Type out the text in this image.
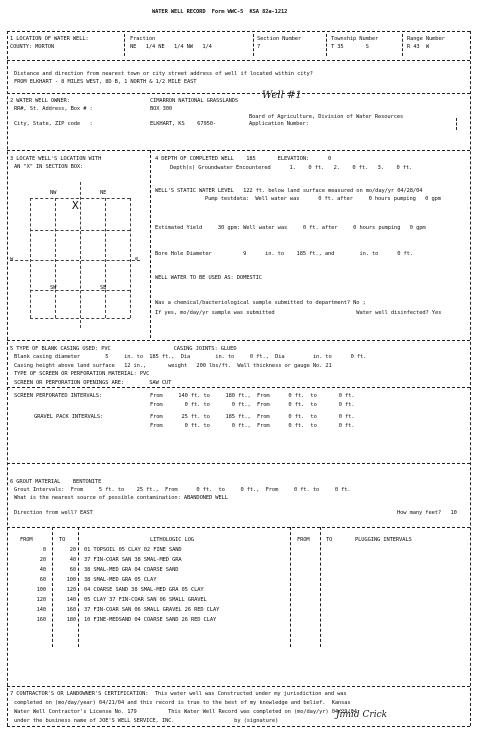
WATER WELL RECORD  Form WWC-5  KSA 82a-1212
1 LOCATION OF WATER WELL:
COUNTY: MORTON
Fraction
NE   1/4 NE   1/4 NW   1/4
Section Number
7
Township Number
T 35       S
Range Number
R 43  W
Distance and direction from nearest town or city street address of well if located within city?
FROM ELKHART - 8 MILES WEST, 8D B, 1 NORTH & 1/2 MILE EAST
2 WATER WELL OWNER:	CIMARRON NATIONAL GRASSLANDS Well #1
RR#, St. Address, Box # :	BOX 300
Board of Agriculture, Division of Water Resources
City, State, ZIP code   :	ELKHART, KS    67950-	Application Number:
3 LOCATE WELL'S LOCATION WITH
AN "X" IN SECTION BOX:
NW	NE
SW	SE
w	e
X
4 DEPTH OF COMPLETED WELL    185       ELEVATION:      0
Depth(s) Groundwater Encountered      1.    0 ft.   2.    0 ft.   3.    0 ft.
WELL'S STATIC WATER LEVEL   122 ft. below land surface measured on mo/day/yr 04/28/04
Pump testdata:  Well water was      0 ft. after     0 hours pumping   0 gpm
Estimated Yield     30 gpm: Well water was     0 ft. after     0 hours pumping   0 gpm
Bore Hole Diameter          9      in. to    185 ft., and        in. to      0 ft.
WELL WATER TO BE USED AS: DOMESTIC
Was a chemical/bacteriological sample submitted to department? No ;
If yes, mo/day/yr sample was submitted                          Water well disinfected? Yes
5 TYPE OF BLANK CASING USED: PVC                    CASING JOINTS: GLUED
Blank casing diameter        5     in. to  185 ft.,  Dia        in. to     0 ft.,  Dia         in. to      0 ft.
Casing height above land surface   12 in.,       weight   200 lbs/ft.  Wall thickness or gauge No. 21
TYPE OF SCREEN OR PERFORATION MATERIAL: PVC
SCREEN OR PERFORATION OPENINGS ARE:        SAW CUT
SCREEN PERFORATED INTERVALS:	From     140 ft. to     180 ft.,  From      0 ft.  to       0 ft.
From       0 ft. to       0 ft.,  From      0 ft.  to       0 ft.
GRAVEL PACK INTERVALS:	From      25 ft. to     185 ft.,  From      0 ft.  to       0 ft.
From       0 ft. to       0 ft.,  From      0 ft.  to       0 ft.
6 GROUT MATERIAL    BENTONITE
Grout Intervals:  From     5 ft. to    25 ft.,  From      0 ft.  to     0 ft.,  From     0 ft. to     0 ft.
What is the nearest source of possible contamination: ABANDONED WELL
Direction from well? EAST	How many feet?   10
FROM	TO	LITHOLOGIC LOG	FROM	TO	PLUGGING INTERVALS
0	20 01 TOPSOIL 05 CLAY 02 FINE SAND
20	40 37 FIN-COAR SAN 38 SMAL-MED GRA
40	60 38 SMAL-MED GRA 04 COARSE SAND
60	100 38 SMAL-MED GRA 05 CLAY
100	120 04 COARSE SAND 38 SMAL-MED GRA 05 CLAY
120	140 05 CLAY 37 FIN-COAR SAN 06 SMALL GRAVEL
140	160 37 FIN-COAR SAN 06 SMALL GRAVEL 26 RED CLAY
160	180 10 FINE-MEDSAND 04 COARSE SAND 26 RED CLAY
7 CONTRACTOR'S OR LANDOWNER'S CERTIFICATION:  This water well was Constructed under my jurisdiction and was
completed on (mo/day/year) 04/21/04 and this record is true to the best of my knowledge and belief.  Kansas
Water Well Contractor's License No. 179          This Water Well Record was completed on (mo/day/yr) 04/29/04
under the business name of JOE'S WELL SERVICE, INC.                   by (signature)
Jimid Crick
